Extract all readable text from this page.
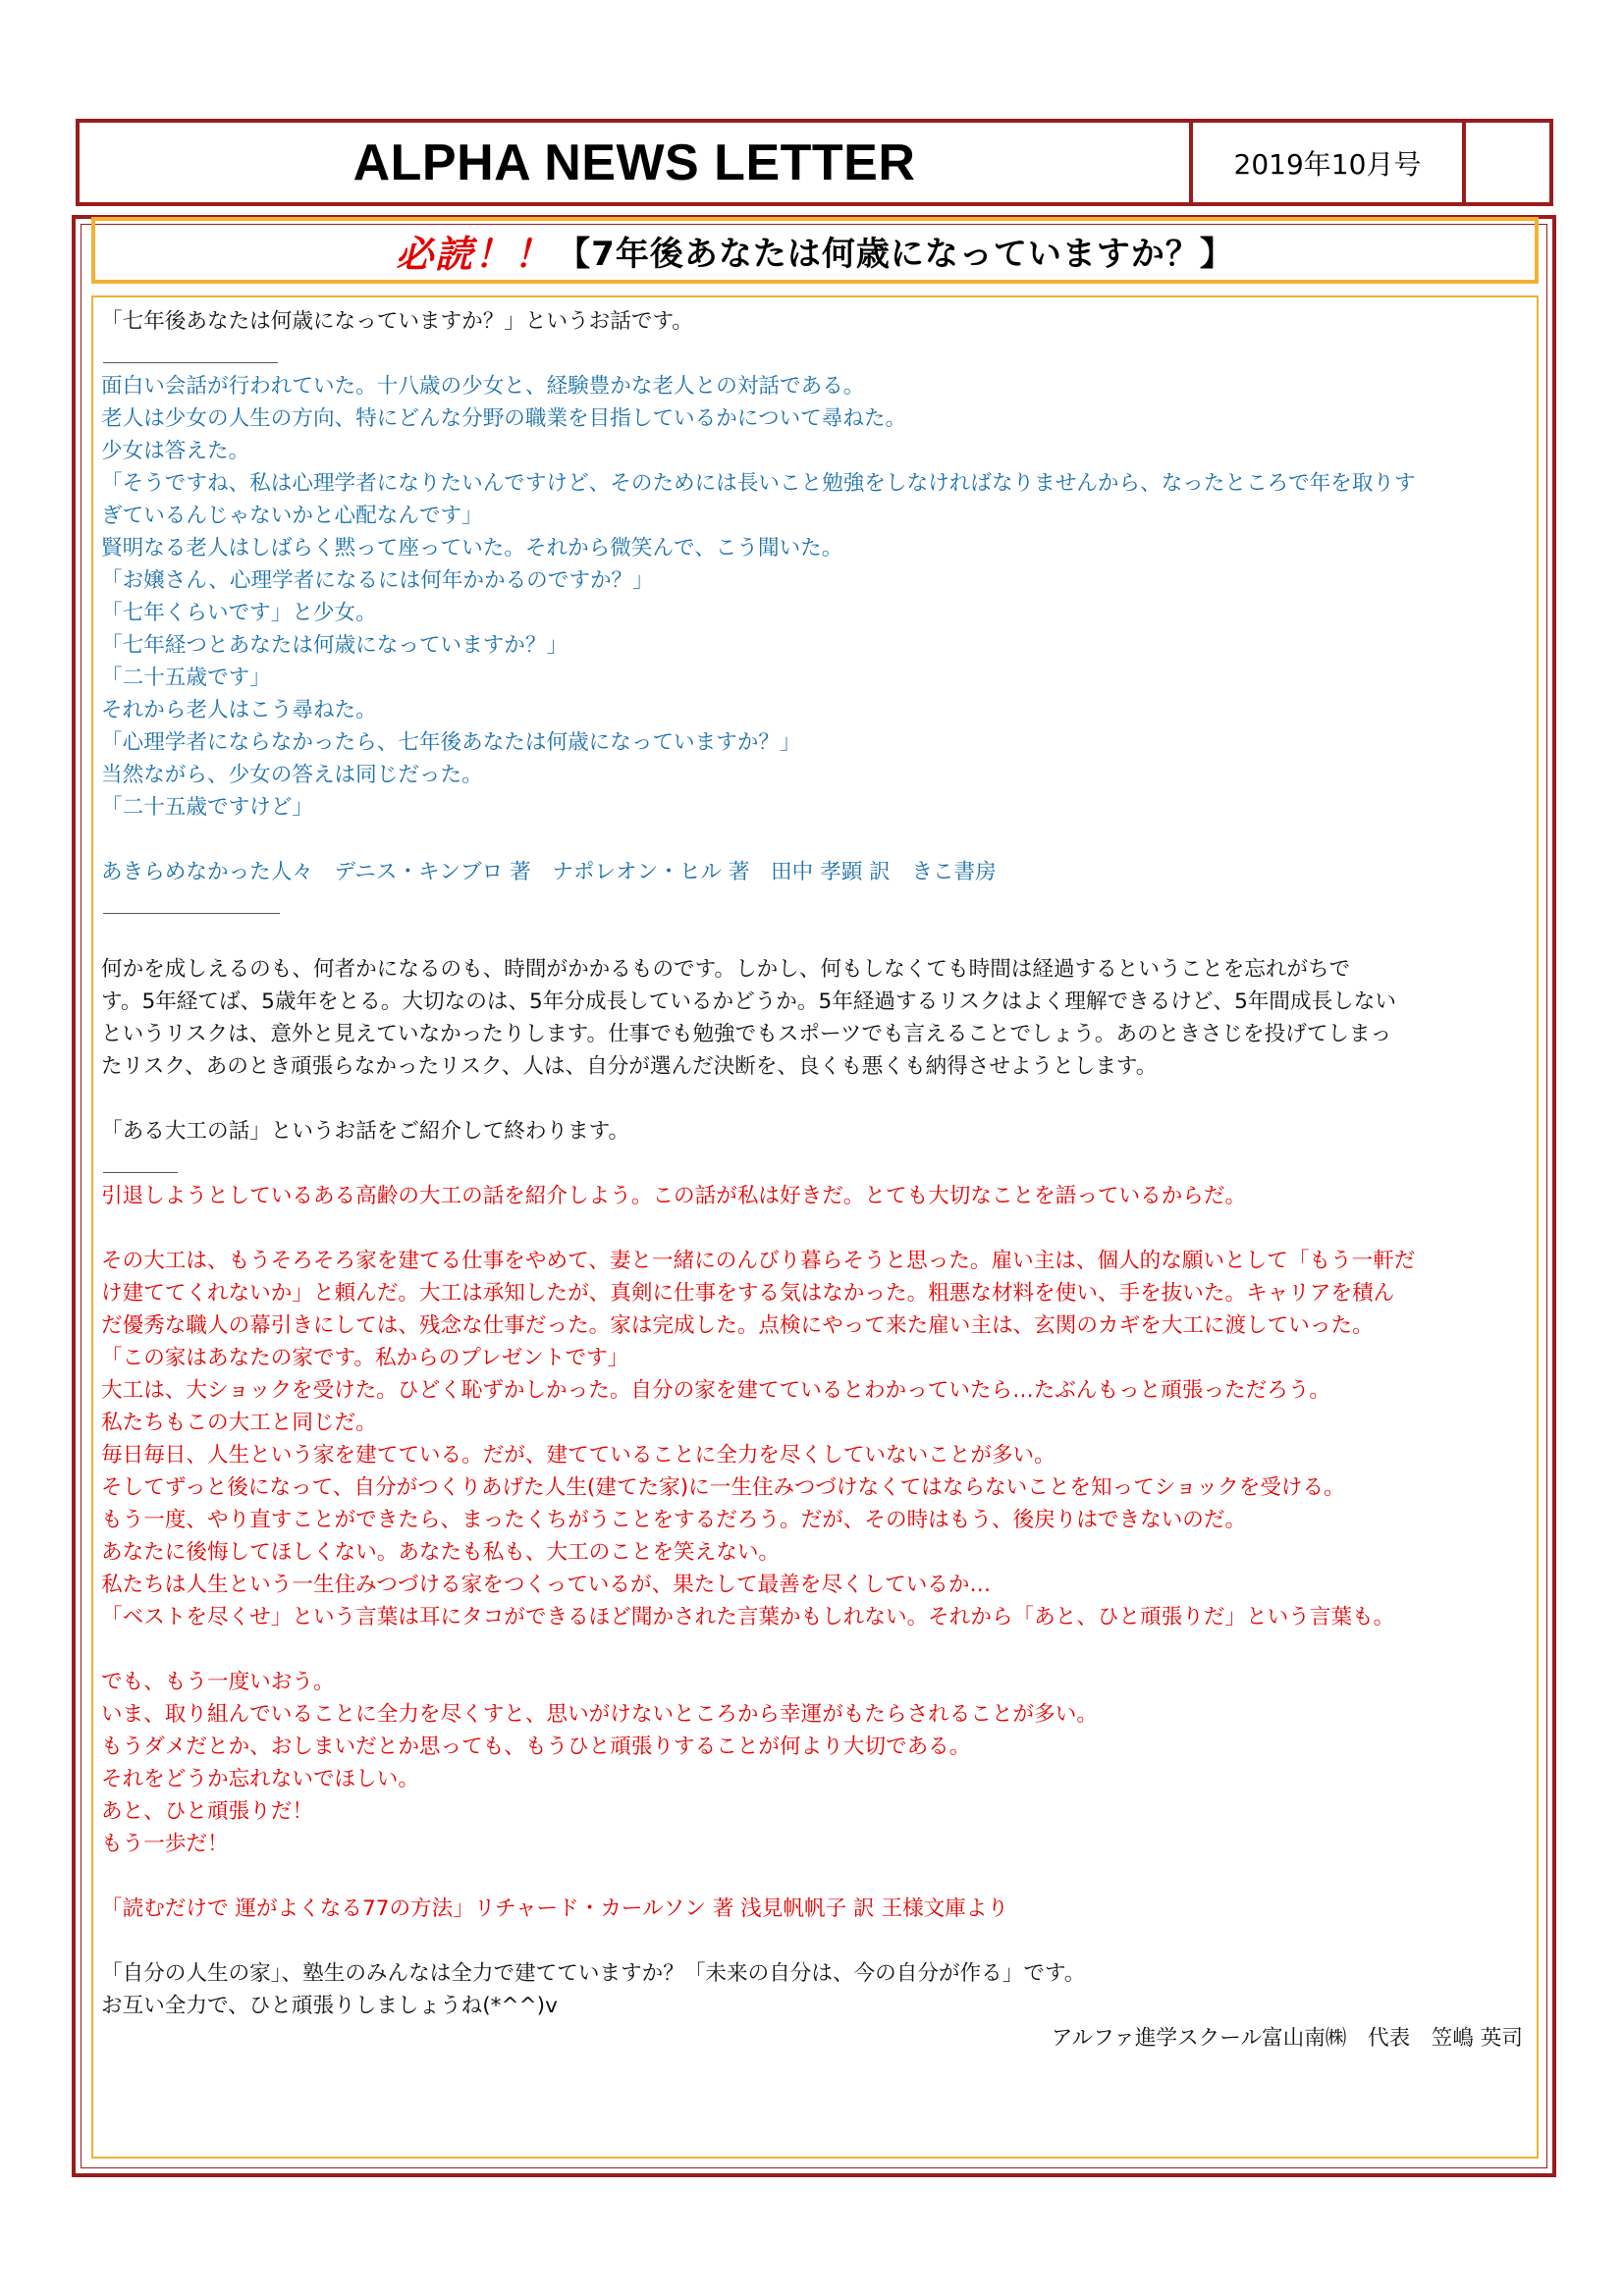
ALPHA NEWS LETTER	2019年10月号
必読！！ 【7年後あなたは何歳になっていますか？】
「七年後あなたは何歳になっていますか？」というお話です。
面白い会話が行われていた。十八歳の少女と、経験豊かな老人との対話である。
老人は少女の人生の方向、特にどんな分野の職業を目指しているかについて尋ねた。
少女は答えた。
「そうですね、私は心理学者になりたいんですけど、そのためには長いこと勉強をしなければなりませんから、なったところで年を取りす
ぎているんじゃないかと心配なんです」
賢明なる老人はしばらく黙って座っていた。それから微笑んで、こう聞いた。
「お嬢さん、心理学者になるには何年かかるのですか？」
「七年くらいです」と少女。
「七年経つとあなたは何歳になっていますか？」
「二十五歳です」
それから老人はこう尋ねた。
「心理学者にならなかったら、七年後あなたは何歳になっていますか？」
当然ながら、少女の答えは同じだった。
「二十五歳ですけど」
あきらめなかった人々　デニス・キンブロ 著　ナポレオン・ヒル 著　田中 孝顕 訳　きこ書房
何かを成しえるのも、何者かになるのも、時間がかかるものです。しかし、何もしなくても時間は経過するということを忘れがちで
す。5年経てば、5歳年をとる。大切なのは、5年分成長しているかどうか。5年経過するリスクはよく理解できるけど、5年間成長しない
というリスクは、意外と見えていなかったりします。仕事でも勉強でもスポーツでも言えることでしょう。あのときさじを投げてしまっ
たリスク、あのとき頑張らなかったリスク、人は、自分が選んだ決断を、良くも悪くも納得させようとします。
「ある大工の話」というお話をご紹介して終わります。
引退しようとしているある高齢の大工の話を紹介しよう。この話が私は好きだ。とても大切なことを語っているからだ。
その大工は、もうそろそろ家を建てる仕事をやめて、妻と一緒にのんびり暮らそうと思った。雇い主は、個人的な願いとして「もう一軒だ
け建ててくれないか」と頼んだ。大工は承知したが、真剣に仕事をする気はなかった。粗悪な材料を使い、手を抜いた。キャリアを積ん
だ優秀な職人の幕引きにしては、残念な仕事だった。家は完成した。点検にやって来た雇い主は、玄関のカギを大工に渡していった。
「この家はあなたの家です。私からのプレゼントです」
大工は、大ショックを受けた。ひどく恥ずかしかった。自分の家を建てているとわかっていたら…たぶんもっと頑張っただろう。
私たちもこの大工と同じだ。
毎日毎日、人生という家を建てている。だが、建てていることに全力を尽くしていないことが多い。
そしてずっと後になって、自分がつくりあげた人生(建てた家)に一生住みつづけなくてはならないことを知ってショックを受ける。
もう一度、やり直すことができたら、まったくちがうことをするだろう。だが、その時はもう、後戻りはできないのだ。
あなたに後悔してほしくない。あなたも私も、大工のことを笑えない。
私たちは人生という一生住みつづける家をつくっているが、果たして最善を尽くしているか…
「ベストを尽くせ」という言葉は耳にタコができるほど聞かされた言葉かもしれない。それから「あと、ひと頑張りだ」という言葉も。
でも、もう一度いおう。
いま、取り組んでいることに全力を尽くすと、思いがけないところから幸運がもたらされることが多い。
もうダメだとか、おしまいだとか思っても、もうひと頑張りすることが何より大切である。
それをどうか忘れないでほしい。
あと、ひと頑張りだ！
もう一歩だ！
「読むだけで 運がよくなる77の方法」リチャード・カールソン 著 浅見帆帆子 訳 王様文庫より
「自分の人生の家」、塾生のみんなは全力で建てていますか？「未来の自分は、今の自分が作る」です。
お互い全力で、ひと頑張りしましょうね(*^^)v
アルファ進学スクール富山南㈱　代表　笠嶋 英司
